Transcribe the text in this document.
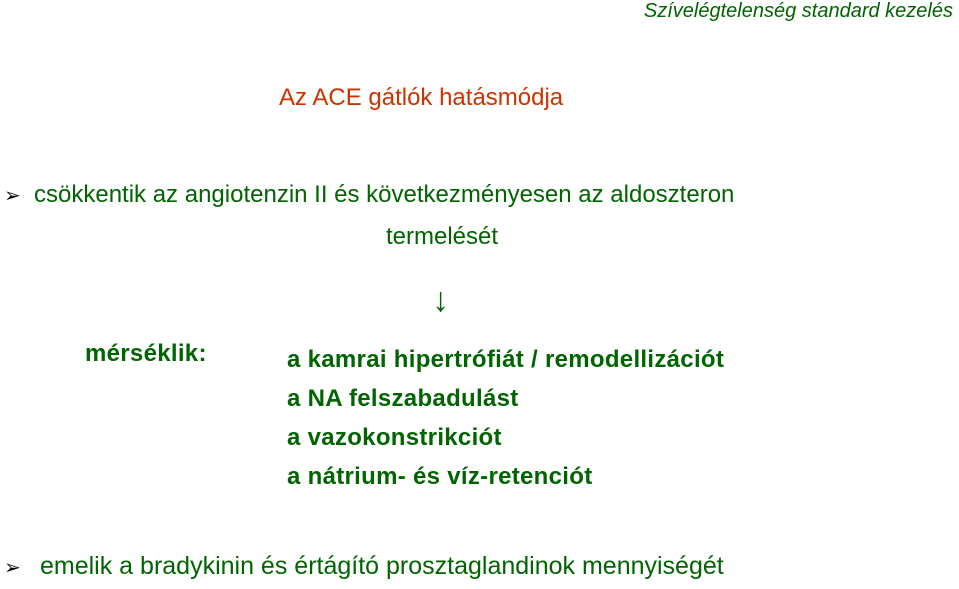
Szívelégtelenség standard kezelés
Az ACE gátlók hatásmódja
➢ csökkentik az angiotenzin II és következményesen az aldoszteron
termelését
↓
mérséklik:	a kamrai hipertrófiát / remodellizációt
a NA felszabadulást
a vazokonstrikciót
a nátrium- és víz-retenciót
➢ emelik a bradykinin és értágító prosztaglandinok mennyiségét
